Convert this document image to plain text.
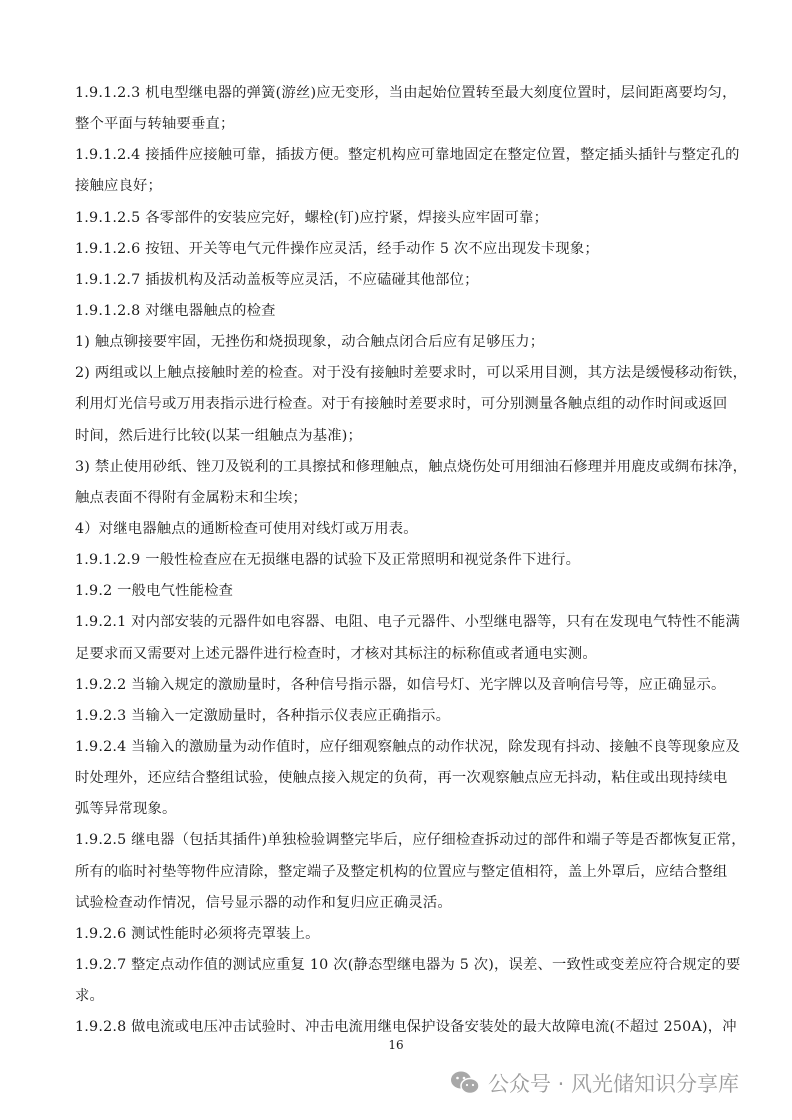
1.9.1.2.3 机电型继电器的弹簧(游丝)应无变形，当由起始位置转至最大刻度位置时，层间距离要均匀，
整个平面与转轴要垂直；
1.9.1.2.4 接插件应接触可靠，插拔方便。整定机构应可靠地固定在整定位置，整定插头插针与整定孔的
接触应良好；
1.9.1.2.5 各零部件的安装应完好，螺栓(钉)应拧紧，焊接头应牢固可靠；
1.9.1.2.6 按钮、开关等电气元件操作应灵活，经手动作 5 次不应出现发卡现象；
1.9.1.2.7 插拔机构及活动盖板等应灵活，不应磕碰其他部位；
1.9.1.2.8 对继电器触点的检查
1) 触点铆接要牢固，无挫伤和烧损现象，动合触点闭合后应有足够压力；
2) 两组或以上触点接触时差的检查。对于没有接触时差要求时，可以采用目测，其方法是缓慢移动衔铁，
利用灯光信号或万用表指示进行检查。对于有接触时差要求时，可分别测量各触点组的动作时间或返回
时间，然后进行比较(以某一组触点为基准)；
3) 禁止使用砂纸、锉刀及锐利的工具擦拭和修理触点，触点烧伤处可用细油石修理并用鹿皮或绸布抹净，
触点表面不得附有金属粉末和尘埃；
4）对继电器触点的通断检查可使用对线灯或万用表。
1.9.1.2.9 一般性检查应在无损继电器的试验下及正常照明和视觉条件下进行。
1.9.2 一般电气性能检查
1.9.2.1 对内部安装的元器件如电容器、电阻、电子元器件、小型继电器等，只有在发现电气特性不能满
足要求而又需要对上述元器件进行检查时，才核对其标注的标称值或者通电实测。
1.9.2.2 当输入规定的激励量时，各种信号指示器，如信号灯、光字牌以及音响信号等，应正确显示。
1.9.2.3 当输入一定激励量时，各种指示仪表应正确指示。
1.9.2.4 当输入的激励量为动作值时，应仔细观察触点的动作状况，除发现有抖动、接触不良等现象应及
时处理外，还应结合整组试验，使触点接入规定的负荷，再一次观察触点应无抖动，粘住或出现持续电
弧等异常现象。
1.9.2.5 继电器（包括其插件)单独检验调整完毕后，应仔细检查拆动过的部件和端子等是否都恢复正常，
所有的临时衬垫等物件应清除，整定端子及整定机构的位置应与整定值相符，盖上外罩后，应结合整组
试验检查动作情况，信号显示器的动作和复归应正确灵活。
1.9.2.6 测试性能时必须将壳罩装上。
1.9.2.7 整定点动作值的测试应重复 10 次(静态型继电器为 5 次)，误差、一致性或变差应符合规定的要
求。
1.9.2.8 做电流或电压冲击试验时、冲击电流用继电保护设备安装处的最大故障电流(不超过 250A)，冲
16
公众号 · 风光储知识分享库
